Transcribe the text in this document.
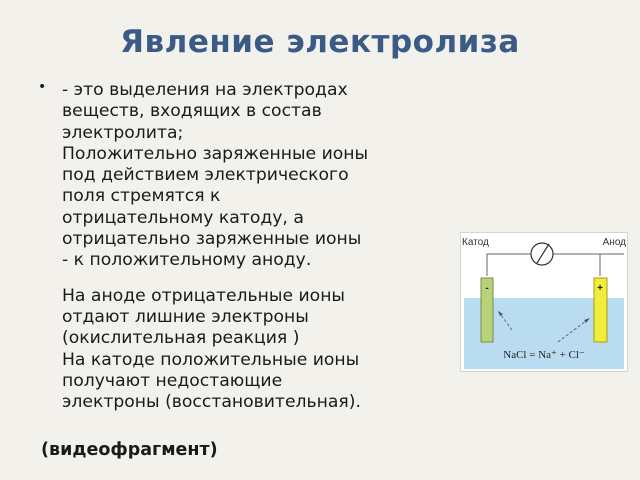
Явление электролиза
• - это выделения на электродах
веществ, входящих в состав
электролита;
Положительно заряженные ионы
под действием электрического
поля стремятся к
отрицательному катоду, а
отрицательно заряженные ионы
- к положительному аноду.
На аноде отрицательные ионы
отдают лишние электроны
(окислительная реакция )
На катоде положительные ионы
получают недостающие
электроны (восстановительная).
(видеофрагмент)
Катод	Анод
-	+
NaCl = Na⁺ + Cl⁻
